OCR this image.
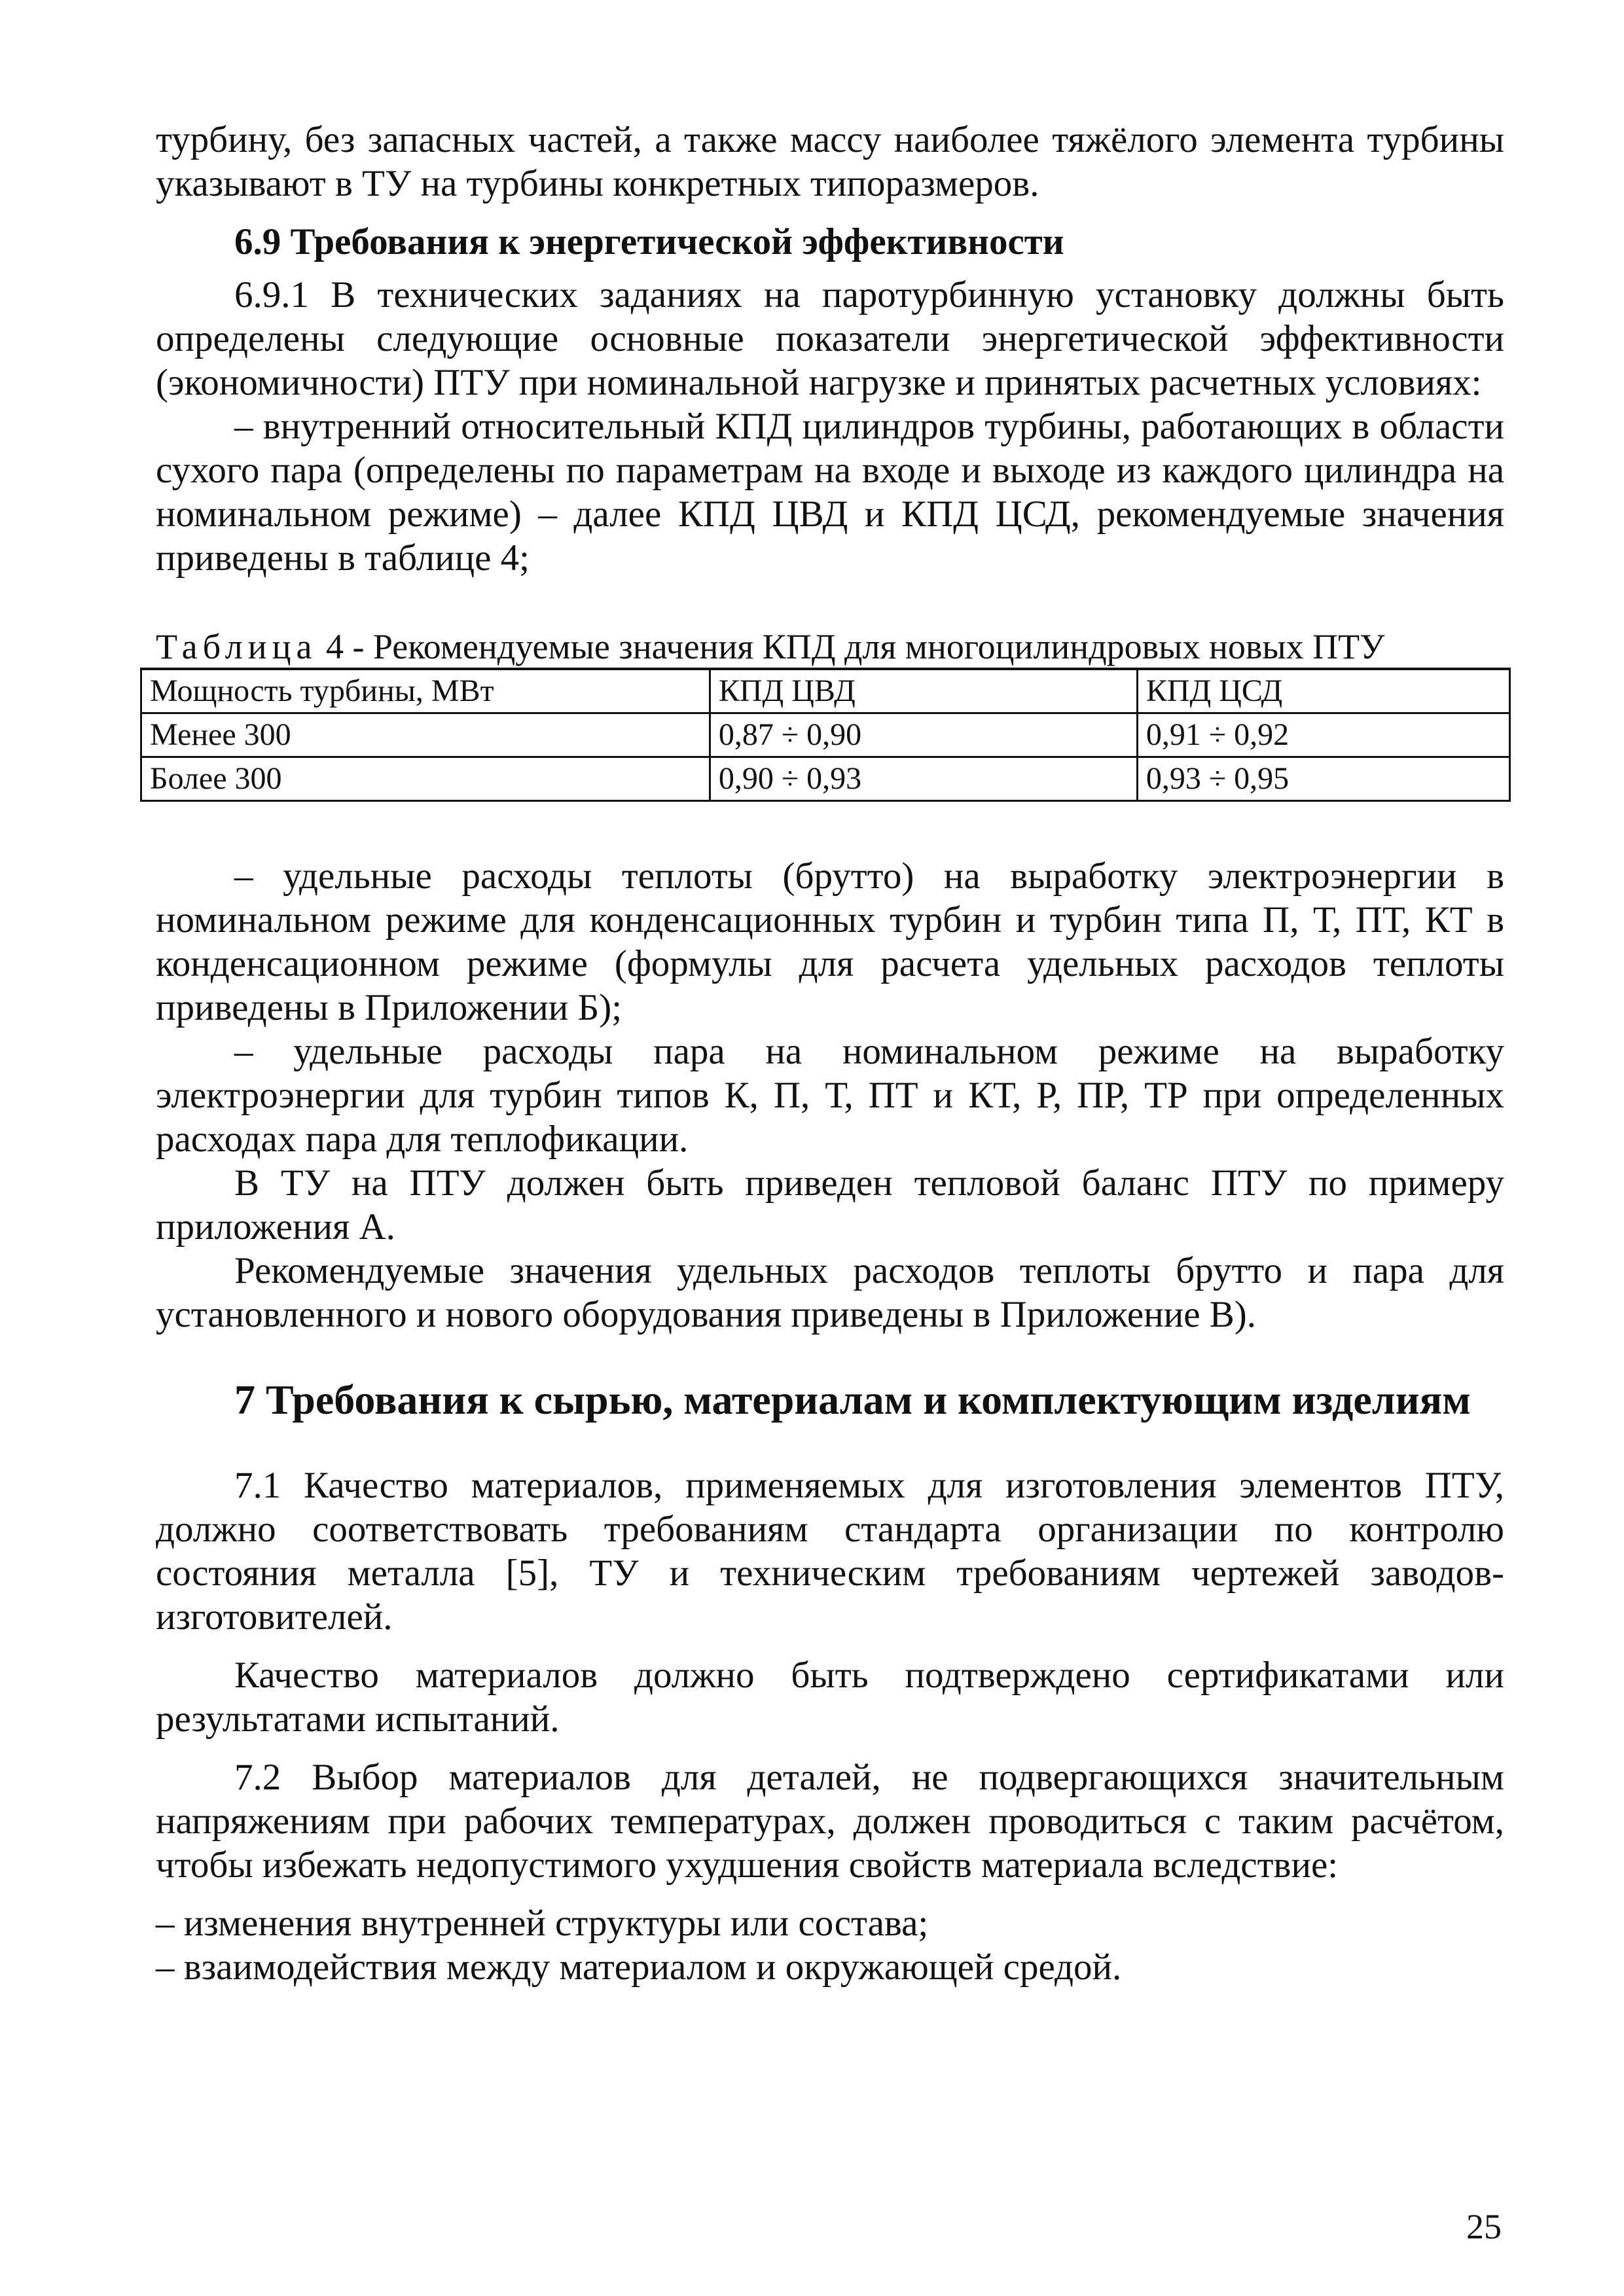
турбину, без запасных частей, а также массу наиболее тяжёлого элемента турбины указывают в ТУ на турбины конкретных типоразмеров.

6.9 Требования к энергетической эффективности

6.9.1 В технических заданиях на паротурбинную установку должны быть определены следующие основные показатели энергетической эффективности (экономичности) ПТУ при номинальной нагрузке и принятых расчетных условиях:

– внутренний относительный КПД цилиндров турбины, работающих в области сухого пара (определены по параметрам на входе и выходе из каждого цилиндра на номинальном режиме) – далее КПД ЦВД и КПД ЦСД, рекомендуемые значения приведены в таблице 4;

Таблица 4 - Рекомендуемые значения КПД для многоцилиндровых новых ПТУ

Мощность турбины, МВт	КПД ЦВД	КПД ЦСД
Менее 300	0,87 ÷ 0,90	0,91 ÷ 0,92
Более 300	0,90 ÷ 0,93	0,93 ÷ 0,95

– удельные расходы теплоты (брутто) на выработку электроэнергии в номинальном режиме для конденсационных турбин и турбин типа П, Т, ПТ, КТ в конденсационном режиме (формулы для расчета удельных расходов теплоты приведены в Приложении Б);

– удельные расходы пара на номинальном режиме на выработку электроэнергии для турбин типов К, П, Т, ПТ и КТ, Р, ПР, ТР при определенных расходах пара для теплофикации.

В ТУ на ПТУ должен быть приведен тепловой баланс ПТУ по примеру приложения А.

Рекомендуемые значения удельных расходов теплоты брутто и пара для установленного и нового оборудования приведены в Приложение В).

7 Требования к сырью, материалам и комплектующим изделиям

7.1 Качество материалов, применяемых для изготовления элементов ПТУ, должно соответствовать требованиям стандарта организации по контролю состояния металла [5], ТУ и техническим требованиям чертежей заводов-изготовителей.

Качество материалов должно быть подтверждено сертификатами или результатами испытаний.

7.2 Выбор материалов для деталей, не подвергающихся значительным напряжениям при рабочих температурах, должен проводиться с таким расчётом, чтобы избежать недопустимого ухудшения свойств материала вследствие:

– изменения внутренней структуры или состава;

– взаимодействия между материалом и окружающей средой.

25
